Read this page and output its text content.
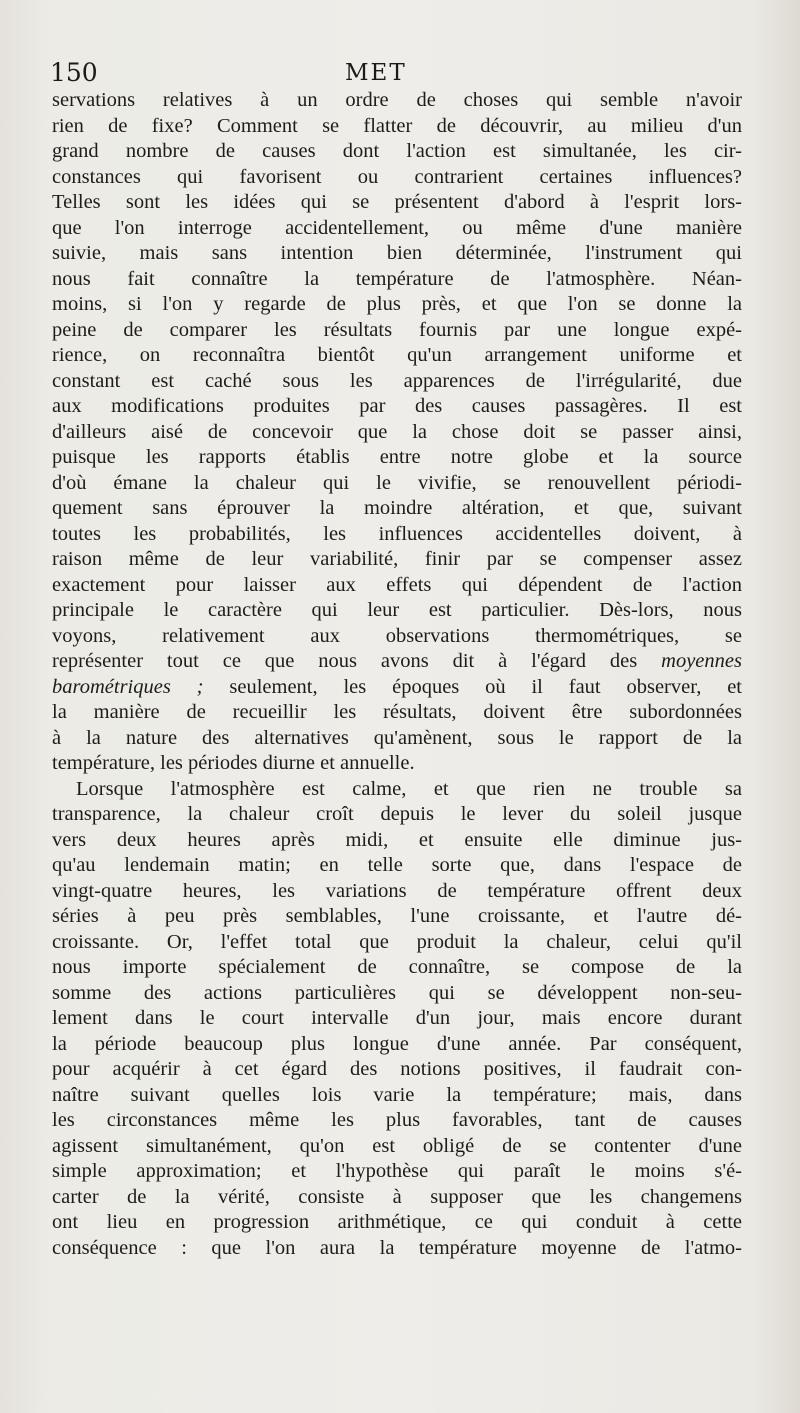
150	MET
servations relatives à un ordre de choses qui semble n'avoir
rien de fixe? Comment se flatter de découvrir, au milieu d'un
grand nombre de causes dont l'action est simultanée, les cir-
constances qui favorisent ou contrarient certaines influences?
Telles sont les idées qui se présentent d'abord à l'esprit lors-
que l'on interroge accidentellement, ou même d'une manière
suivie, mais sans intention bien déterminée, l'instrument qui
nous fait connaître la température de l'atmosphère. Néan-
moins, si l'on y regarde de plus près, et que l'on se donne la
peine de comparer les résultats fournis par une longue expé-
rience, on reconnaîtra bientôt qu'un arrangement uniforme et
constant est caché sous les apparences de l'irrégularité, due
aux modifications produites par des causes passagères. Il est
d'ailleurs aisé de concevoir que la chose doit se passer ainsi,
puisque les rapports établis entre notre globe et la source
d'où émane la chaleur qui le vivifie, se renouvellent périodi-
quement sans éprouver la moindre altération, et que, suivant
toutes les probabilités, les influences accidentelles doivent, à
raison même de leur variabilité, finir par se compenser assez
exactement pour laisser aux effets qui dépendent de l'action
principale le caractère qui leur est particulier. Dès-lors, nous
voyons, relativement aux observations thermométriques, se
représenter tout ce que nous avons dit à l'égard des moyennes
barométriques ; seulement, les époques où il faut observer, et
la manière de recueillir les résultats, doivent être subordonnées
à la nature des alternatives qu'amènent, sous le rapport de la
température, les périodes diurne et annuelle.
Lorsque l'atmosphère est calme, et que rien ne trouble sa
transparence, la chaleur croît depuis le lever du soleil jusque
vers deux heures après midi, et ensuite elle diminue jus-
qu'au lendemain matin; en telle sorte que, dans l'espace de
vingt-quatre heures, les variations de température offrent deux
séries à peu près semblables, l'une croissante, et l'autre dé-
croissante. Or, l'effet total que produit la chaleur, celui qu'il
nous importe spécialement de connaître, se compose de la
somme des actions particulières qui se développent non-seu-
lement dans le court intervalle d'un jour, mais encore durant
la période beaucoup plus longue d'une année. Par conséquent,
pour acquérir à cet égard des notions positives, il faudrait con-
naître suivant quelles lois varie la température; mais, dans
les circonstances même les plus favorables, tant de causes
agissent simultanément, qu'on est obligé de se contenter d'une
simple approximation; et l'hypothèse qui paraît le moins s'é-
carter de la vérité, consiste à supposer que les changemens
ont lieu en progression arithmétique, ce qui conduit à cette
conséquence : que l'on aura la température moyenne de l'atmo-
